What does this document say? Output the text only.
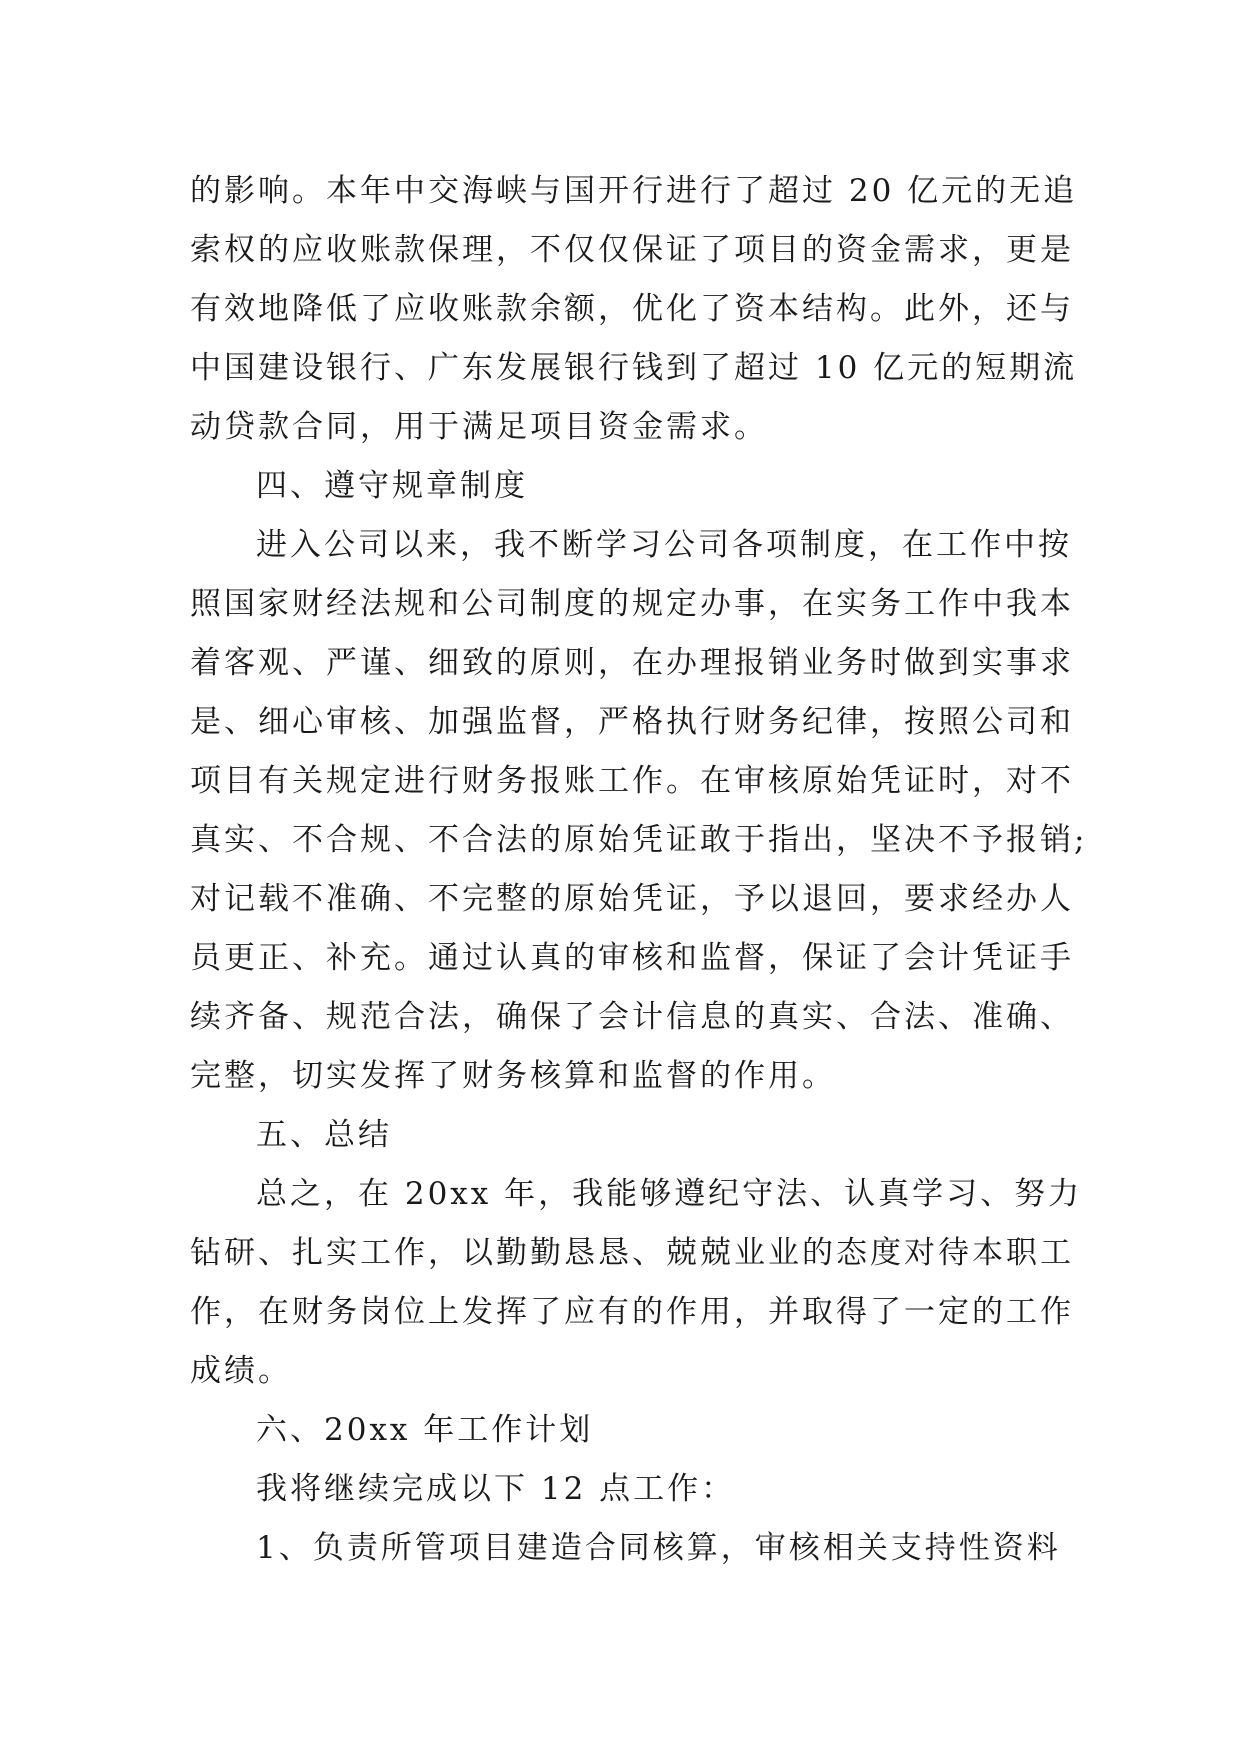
的影响。本年中交海峡与国开行进行了超过 20 亿元的无追
索权的应收账款保理，不仅仅保证了项目的资金需求，更是
有效地降低了应收账款余额，优化了资本结构。此外，还与
中国建设银行、广东发展银行钱到了超过 10 亿元的短期流
动贷款合同，用于满足项目资金需求。
四、遵守规章制度
进入公司以来，我不断学习公司各项制度，在工作中按
照国家财经法规和公司制度的规定办事，在实务工作中我本
着客观、严谨、细致的原则，在办理报销业务时做到实事求
是、细心审核、加强监督，严格执行财务纪律，按照公司和
项目有关规定进行财务报账工作。在审核原始凭证时，对不
真实、不合规、不合法的原始凭证敢于指出，坚决不予报销;
对记载不准确、不完整的原始凭证，予以退回，要求经办人
员更正、补充。通过认真的审核和监督，保证了会计凭证手
续齐备、规范合法，确保了会计信息的真实、合法、准确、
完整，切实发挥了财务核算和监督的作用。
五、总结
总之，在 20xx 年，我能够遵纪守法、认真学习、努力
钻研、扎实工作，以勤勤恳恳、兢兢业业的态度对待本职工
作，在财务岗位上发挥了应有的作用，并取得了一定的工作
成绩。
六、20xx 年工作计划
我将继续完成以下 12 点工作：
1、负责所管项目建造合同核算，审核相关支持性资料
